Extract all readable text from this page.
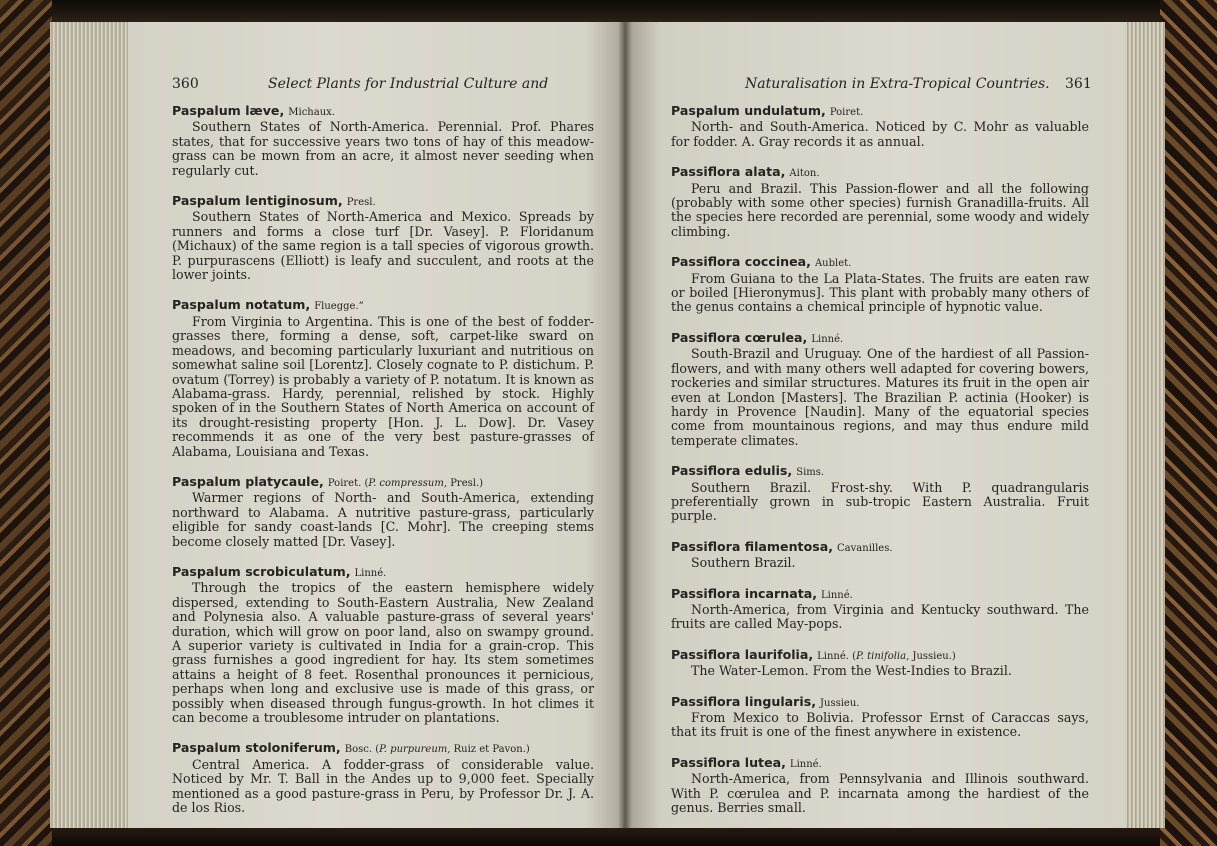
360	Select Plants for Industrial Culture and

Paspalum læve, Michaux.

Southern States of North-America. Perennial. Prof. Phares states, that for successive years two tons of hay of this meadow-grass can be mown from an acre, it almost never seeding when regularly cut.

Paspalum lentiginosum, Presl.

Southern States of North-America and Mexico. Spreads by runners and forms a close turf [Dr. Vasey]. P. Floridanum (Michaux) of the same region is a tall species of vigorous growth. P. purpurascens (Elliott) is leafy and succulent, and roots at the lower joints.

Paspalum notatum, Fluegge.”

From Virginia to Argentina. This is one of the best of fodder-grasses there, forming a dense, soft, carpet-like sward on meadows, and becoming particularly luxuriant and nutritious on somewhat saline soil [Lorentz]. Closely cognate to P. distichum. P. ovatum (Torrey) is probably a variety of P. notatum. It is known as Alabama-grass. Hardy, perennial, relished by stock. Highly spoken of in the Southern States of North America on account of its drought-resisting property [Hon. J. L. Dow]. Dr. Vasey recommends it as one of the very best pasture-grasses of Alabama, Louisiana and Texas.

Paspalum platycaule, Poiret. (P. compressum, Presl.)

Warmer regions of North- and South-America, extending northward to Alabama. A nutritive pasture-grass, particularly eligible for sandy coast-lands [C. Mohr]. The creeping stems become closely matted [Dr. Vasey].

Paspalum scrobiculatum, Linné.

Through the tropics of the eastern hemisphere widely dispersed, extending to South-Eastern Australia, New Zealand and Polynesia also. A valuable pasture-grass of several years' duration, which will grow on poor land, also on swampy ground. A superior variety is cultivated in India for a grain-crop. This grass furnishes a good ingredient for hay. Its stem sometimes attains a height of 8 feet. Rosenthal pronounces it pernicious, perhaps when long and exclusive use is made of this grass, or possibly when diseased through fungus-growth. In hot climes it can become a troublesome intruder on plantations.

Paspalum stoloniferum, Bosc. (P. purpureum, Ruiz et Pavon.)

Central America. A fodder-grass of considerable value. Noticed by Mr. T. Ball in the Andes up to 9,000 feet. Specially mentioned as a good pasture-grass in Peru, by Professor Dr. J. A. de los Rios.

Naturalisation in Extra-Tropical Countries. 361

Paspalum undulatum, Poiret.

North- and South-America. Noticed by C. Mohr as valuable for fodder. A. Gray records it as annual.

Passiflora alata, Aiton.

Peru and Brazil. This Passion-flower and all the following (probably with some other species) furnish Granadilla-fruits. All the species here recorded are perennial, some woody and widely climbing.

Passiflora coccinea, Aublet.

From Guiana to the La Plata-States. The fruits are eaten raw or boiled [Hieronymus]. This plant with probably many others of the genus contains a chemical principle of hypnotic value.

Passiflora cœrulea, Linné.

South-Brazil and Uruguay. One of the hardiest of all Passion-flowers, and with many others well adapted for covering bowers, rockeries and similar structures. Matures its fruit in the open air even at London [Masters]. The Brazilian P. actinia (Hooker) is hardy in Provence [Naudin]. Many of the equatorial species come from mountainous regions, and may thus endure mild temperate climates.

Passiflora edulis, Sims.

Southern Brazil. Frost-shy. With P. quadrangularis preferentially grown in sub-tropic Eastern Australia. Fruit purple.

Passiflora filamentosa, Cavanilles.

Southern Brazil.

Passiflora incarnata, Linné.

North-America, from Virginia and Kentucky southward. The fruits are called May-pops.

Passiflora laurifolia, Linné. (P. tinifolia, Jussieu.)

The Water-Lemon. From the West-Indies to Brazil.

Passiflora lingularis, Jussieu.

From Mexico to Bolivia. Professor Ernst of Caraccas says, that its fruit is one of the finest anywhere in existence.

Passiflora lutea, Linné.

North-America, from Pennsylvania and Illinois southward. With P. cœrulea and P. incarnata among the hardiest of the genus. Berries small.
